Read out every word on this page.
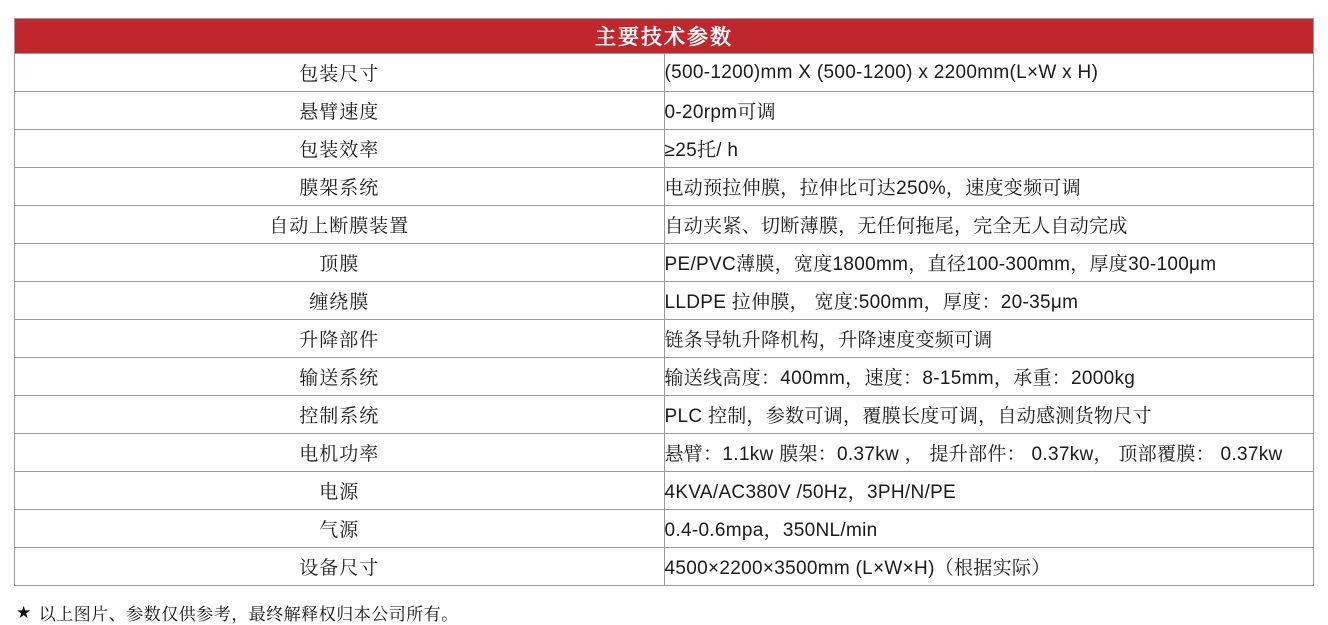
主要技术参数	
包装尺寸	(500-1200)mm X (500-1200) x 2200mm(L×W x H)
悬臂速度	0-20rpm可调
包装效率	≥25托/ h
膜架系统	电动预拉伸膜，拉伸比可达250%，速度变频可调
自动上断膜装置	自动夹紧、切断薄膜，无任何拖尾，完全无人自动完成
顶膜	PE/PVC薄膜，宽度1800mm，直径100-300mm，厚度30-100μm
缠绕膜	LLDPE 拉伸膜， 宽度:500mm，厚度：20-35μm
升降部件	链条导轨升降机构，升降速度变频可调
输送系统	输送线高度：400mm，速度：8-15mm，承重：2000kg
控制系统	PLC 控制，参数可调，覆膜长度可调，自动感测货物尺寸
电机功率	悬臂：1.1kw 膜架：0.37kw ， 提升部件： 0.37kw， 顶部覆膜： 0.37kw
电源	4KVA/AC380V /50Hz，3PH/N/PE
气源	0.4-0.6mpa，350NL/min
设备尺寸	4500×2200×3500mm (L×W×H)（根据实际）
★ 以上图片、参数仅供参考，最终解释权归本公司所有。
